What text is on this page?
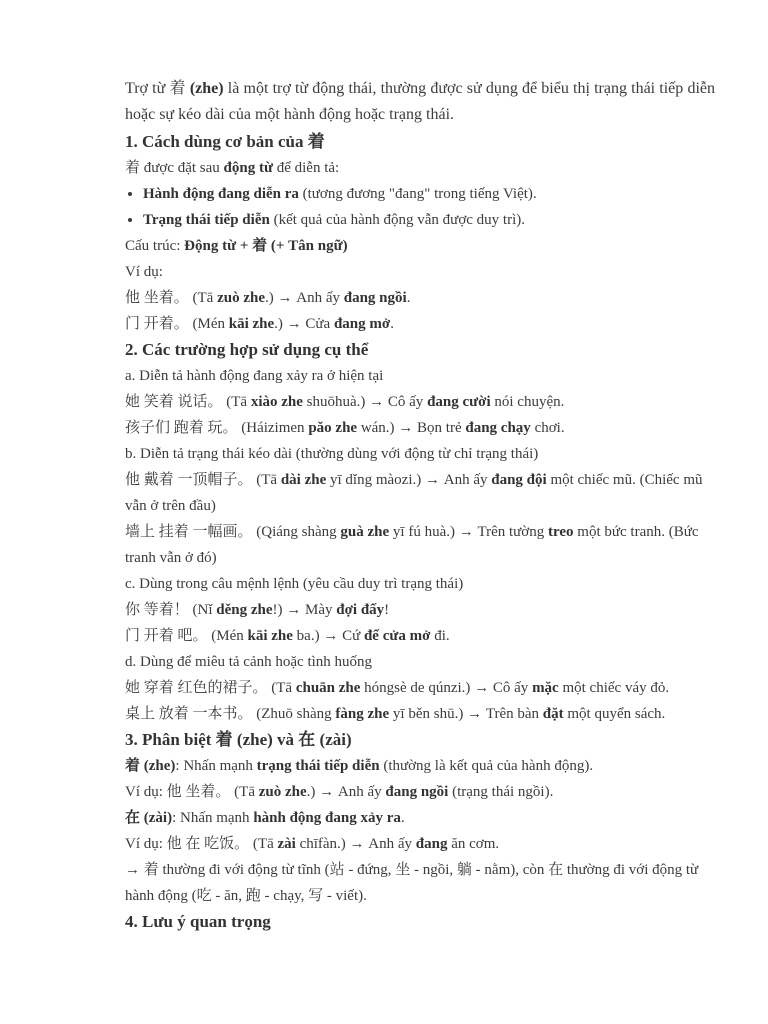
Trợ từ 着 (zhe) là một trợ từ động thái, thường được sử dụng để biểu thị trạng thái tiếp diễn hoặc sự kéo dài của một hành động hoặc trạng thái.

1. Cách dùng cơ bản của 着

着 được đặt sau động từ để diễn tả:

• Hành động đang diễn ra (tương đương "đang" trong tiếng Việt).
• Trạng thái tiếp diễn (kết quả của hành động vẫn được duy trì).

Cấu trúc: Động từ + 着 (+ Tân ngữ)

Ví dụ:

他 坐着。 (Tā zuò zhe.) → Anh ấy đang ngồi.

门 开着。 (Mén kāi zhe.) → Cửa đang mở.

2. Các trường hợp sử dụng cụ thể

a. Diễn tả hành động đang xảy ra ở hiện tại

她 笑着 说话。 (Tā xiào zhe shuōhuà.) → Cô ấy đang cười nói chuyện.

孩子们 跑着 玩。 (Háizimen pǎo zhe wán.) → Bọn trẻ đang chạy chơi.

b. Diễn tả trạng thái kéo dài (thường dùng với động từ chỉ trạng thái)

他 戴着 一顶帽子。 (Tā dài zhe yī dǐng màozi.) → Anh ấy đang đội một chiếc mũ. (Chiếc mũ vẫn ở trên đầu)

墙上 挂着 一幅画。 (Qiáng shàng guà zhe yī fú huà.) → Trên tường treo một bức tranh. (Bức tranh vẫn ở đó)

c. Dùng trong câu mệnh lệnh (yêu cầu duy trì trạng thái)

你 等着！ (Nǐ děng zhe!) → Mày đợi đấy!

门 开着 吧。 (Mén kāi zhe ba.) → Cứ để cửa mở đi.

d. Dùng để miêu tả cảnh hoặc tình huống

她 穿着 红色的裙子。 (Tā chuān zhe hóngsè de qúnzi.) → Cô ấy mặc một chiếc váy đỏ.

桌上 放着 一本书。 (Zhuō shàng fàng zhe yī běn shū.) → Trên bàn đặt một quyển sách.

3. Phân biệt 着 (zhe) và 在 (zài)

着 (zhe): Nhấn mạnh trạng thái tiếp diễn (thường là kết quả của hành động).

Ví dụ: 他 坐着。 (Tā zuò zhe.) → Anh ấy đang ngồi (trạng thái ngồi).

在 (zài): Nhấn mạnh hành động đang xảy ra.

Ví dụ: 他 在 吃饭。 (Tā zài chīfàn.) → Anh ấy đang ăn cơm.

→ 着 thường đi với động từ tĩnh (站 - đứng, 坐 - ngồi, 躺 - nằm), còn 在 thường đi với động từ hành động (吃 - ăn, 跑 - chạy, 写 - viết).

4. Lưu ý quan trọng
